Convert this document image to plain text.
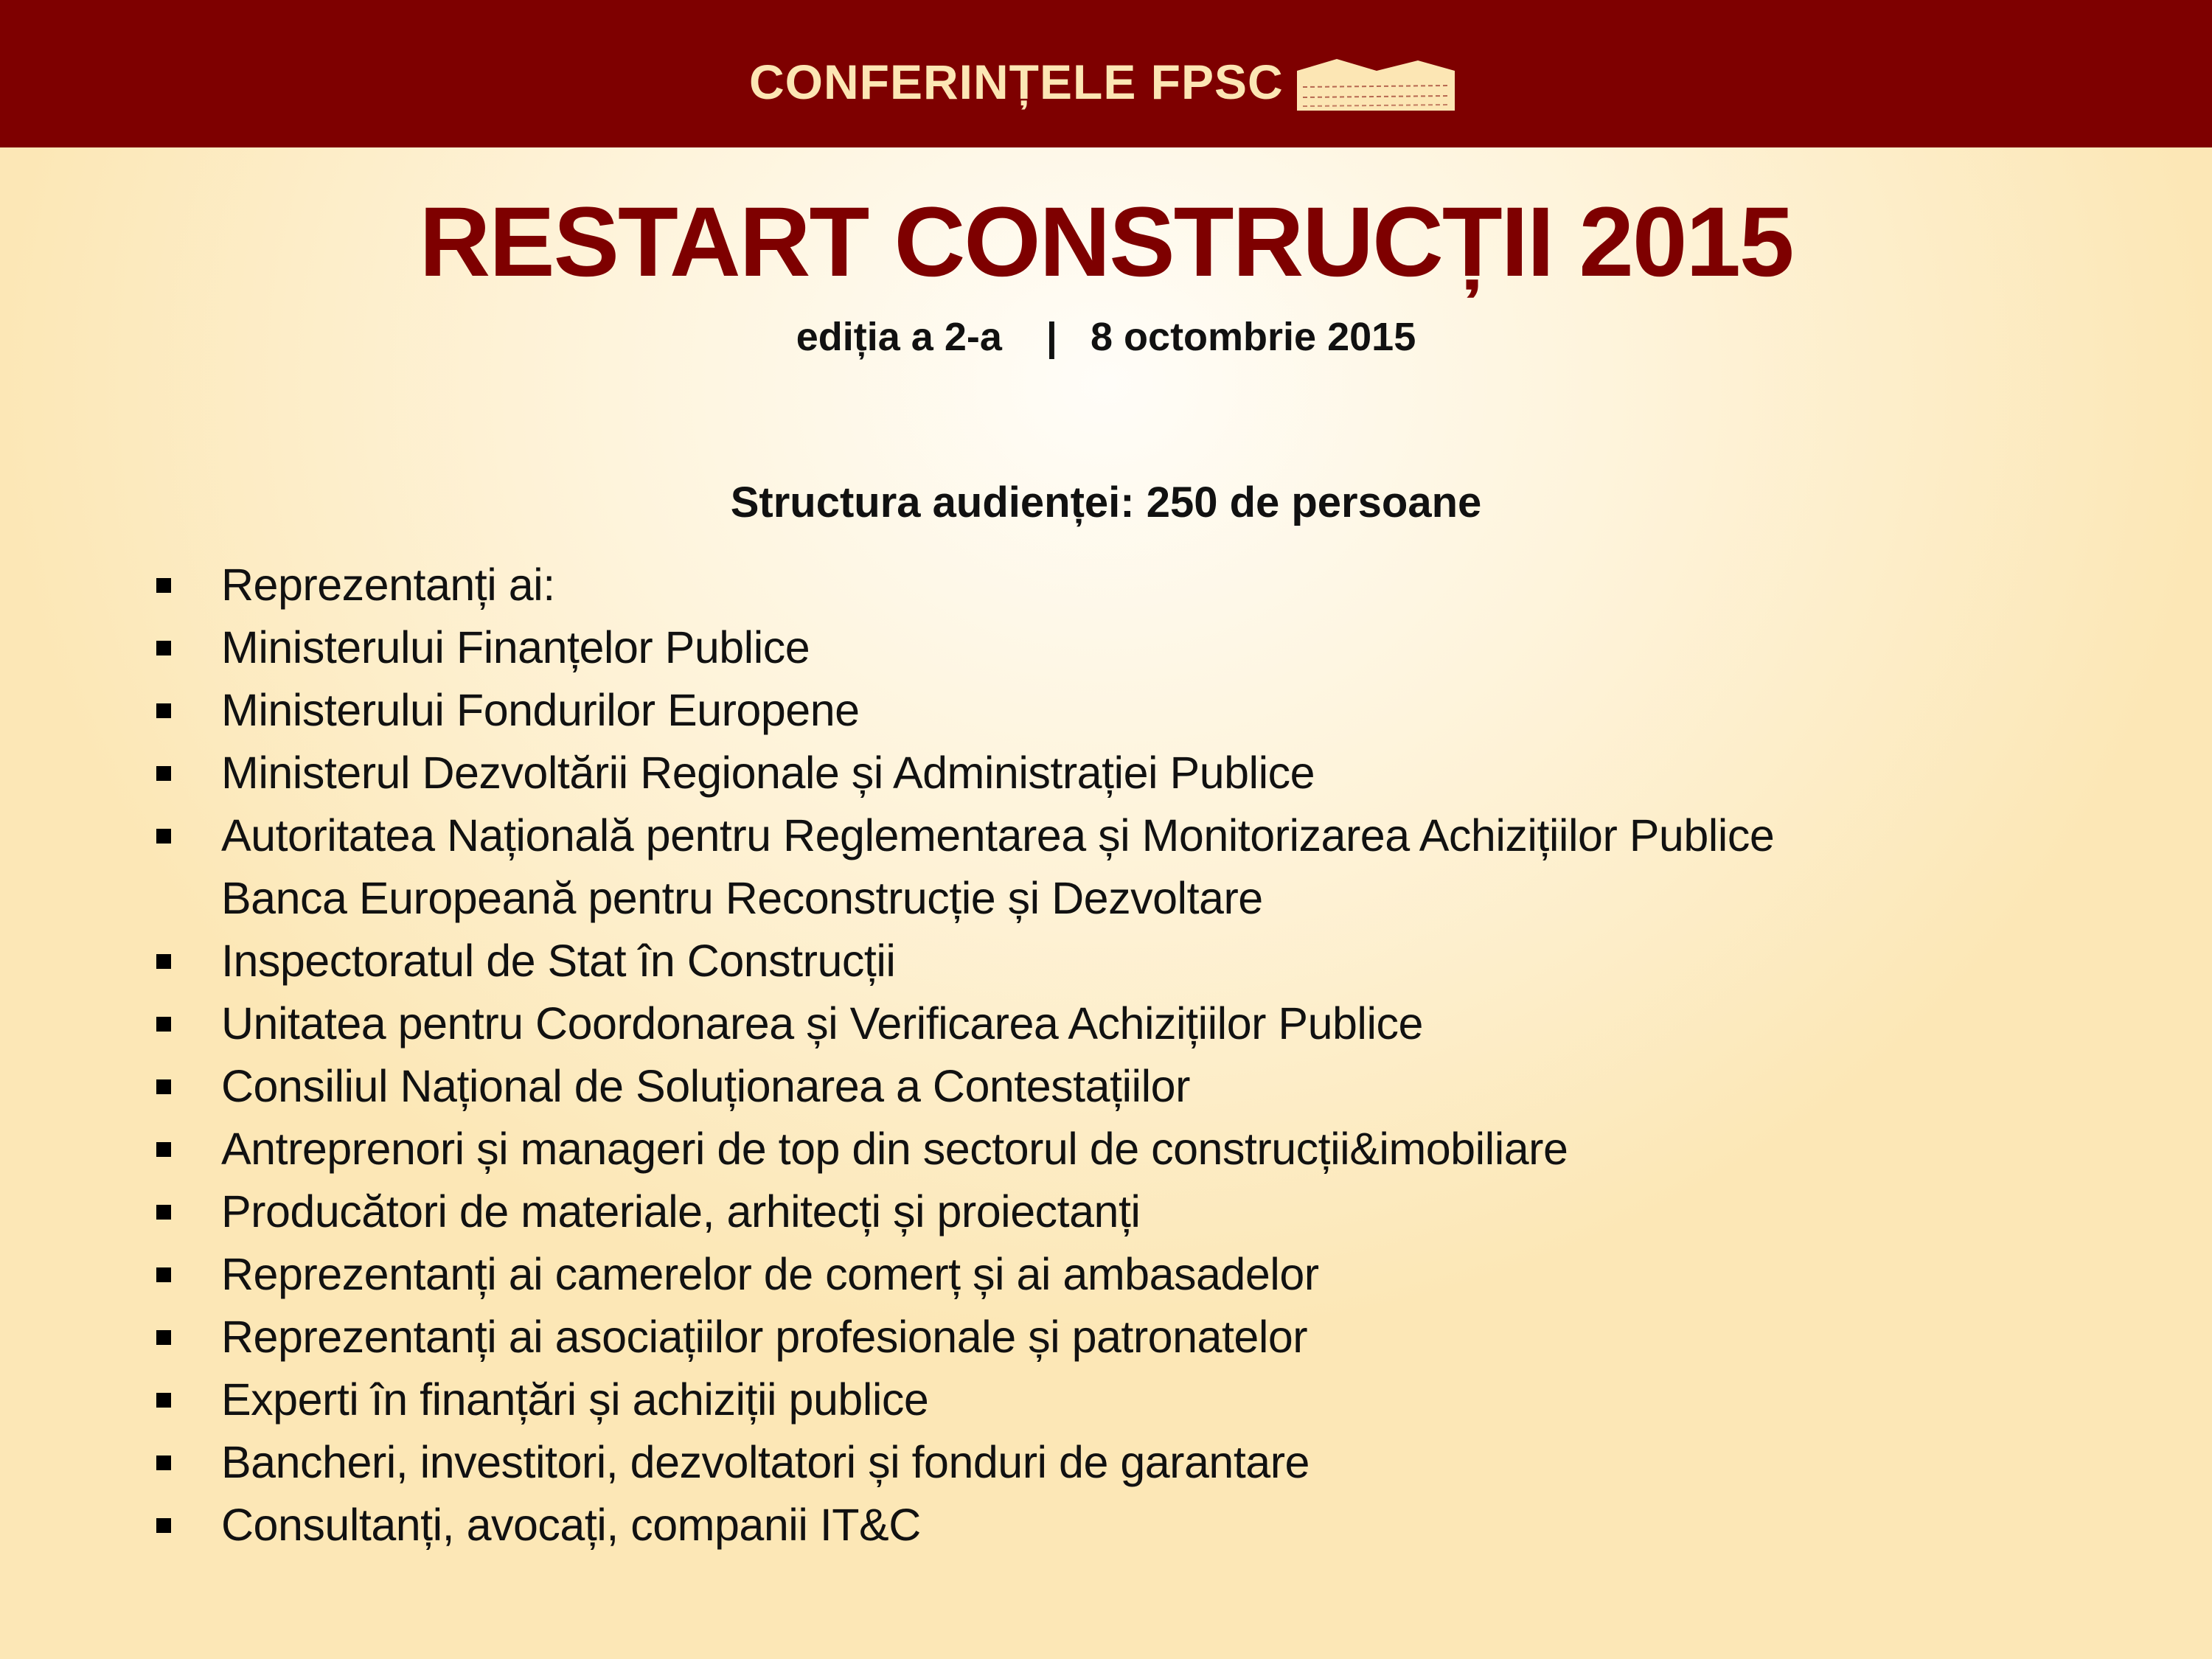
CONFERINȚELE FPSC
RESTART CONSTRUCȚII 2015
ediția a 2-a    |   8 octombrie 2015
Structura audienței: 250 de persoane
Reprezentanți ai:
Ministerului Finanțelor Publice
Ministerului Fondurilor Europene
Ministerul Dezvoltării Regionale și Administrației Publice
Autoritatea Națională pentru Reglementarea și Monitorizarea Achizițiilor Publice
Banca Europeană pentru Reconstrucție și Dezvoltare
Inspectoratul de Stat în Construcții
Unitatea pentru Coordonarea și Verificarea Achizițiilor Publice
Consiliul Național de Soluționarea a Contestațiilor
Antreprenori și manageri de top din sectorul de construcții&imobiliare
Producători de materiale, arhitecți și proiectanți
Reprezentanți ai camerelor de comerț și ai ambasadelor
Reprezentanți ai asociațiilor profesionale și patronatelor
Experti în finanțări și achiziții publice
Bancheri, investitori, dezvoltatori și fonduri de garantare
Consultanți, avocați, companii IT&C
